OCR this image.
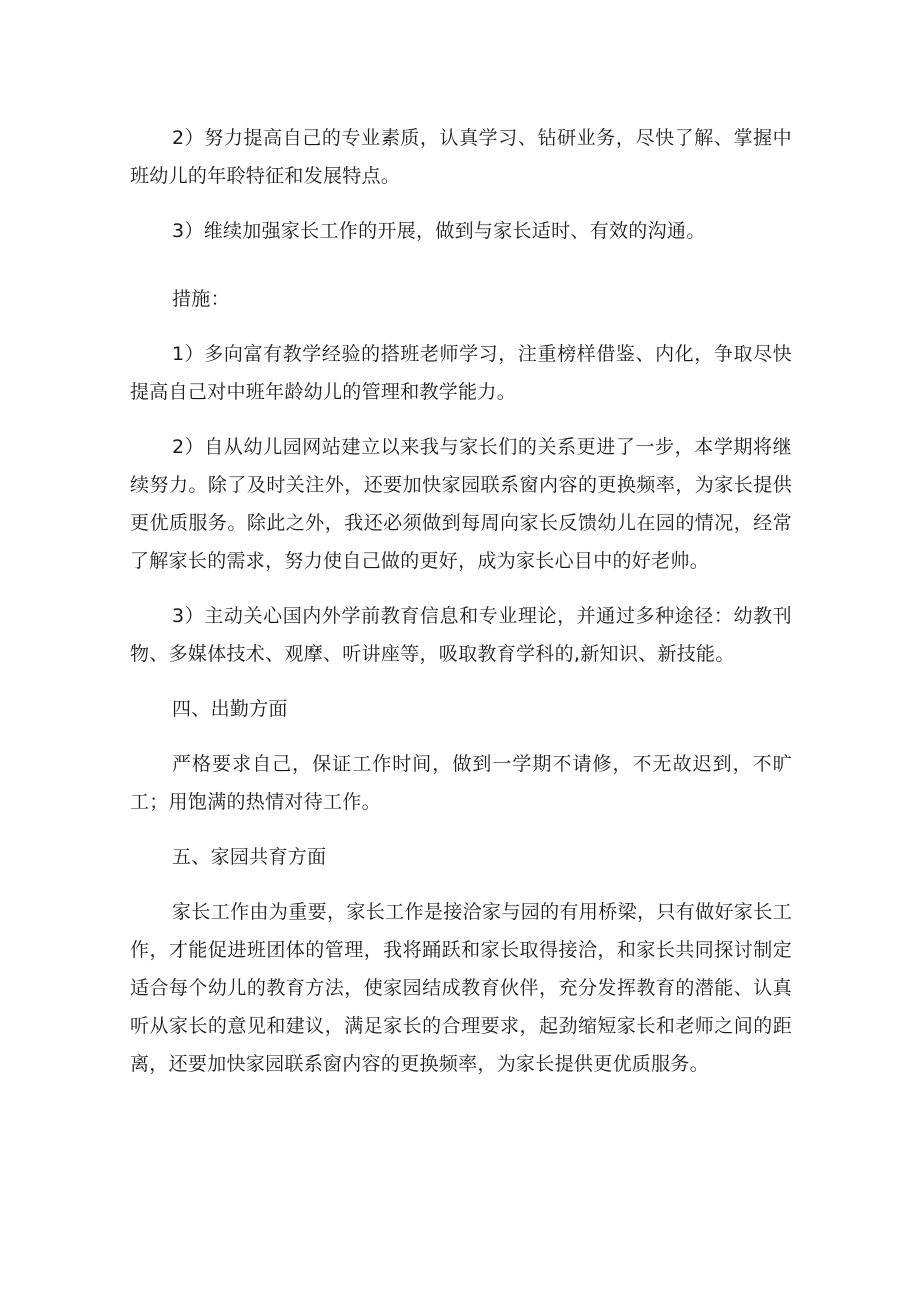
2）努力提高自己的专业素质，认真学习、钻研业务，尽快了解、掌握中班幼儿的年聆特征和发展特点。

3）维续加强家长工作的开展，做到与家长适时、有效的沟通。

措施：

1）多向富有教学经验的搭班老师学习，注重榜样借鉴、内化，争取尽快提高自己对中班年龄幼儿的管理和教学能力。

2）自从幼儿园网站建立以来我与家长们的关系更进了一步，本学期将继续努力。除了及时关注外，还要加快家园联系窗内容的更换频率，为家长提供更优质服务。除此之外，我还必须做到每周向家长反馈幼儿在园的情况，经常了解家长的需求，努力使自己做的更好，成为家长心目中的好老帅。

3）主动关心国内外学前教育信息和专业理论，并通过多种途径：幼教刊物、多媒体技术、观摩、听讲座等，吸取教育学科的,新知识、新技能。

四、出勤方面

严格要求自己，保证工作时间，做到一学期不请修，不无故迟到，不旷工；用饱满的热情对待工作。

五、家园共育方面

家长工作由为重要，家长工作是接洽家与园的有用桥梁，只有做好家长工作，才能促进班团体的管理，我将踊跃和家长取得接洽，和家长共同探讨制定适合每个幼儿的教育方法，使家园结成教育伙伴，充分发挥教育的潜能、认真听从家长的意见和建议，满足家长的合理要求，起劲缩短家长和老师之间的距离，还要加快家园联系窗内容的更换频率，为家长提供更优质服务。
